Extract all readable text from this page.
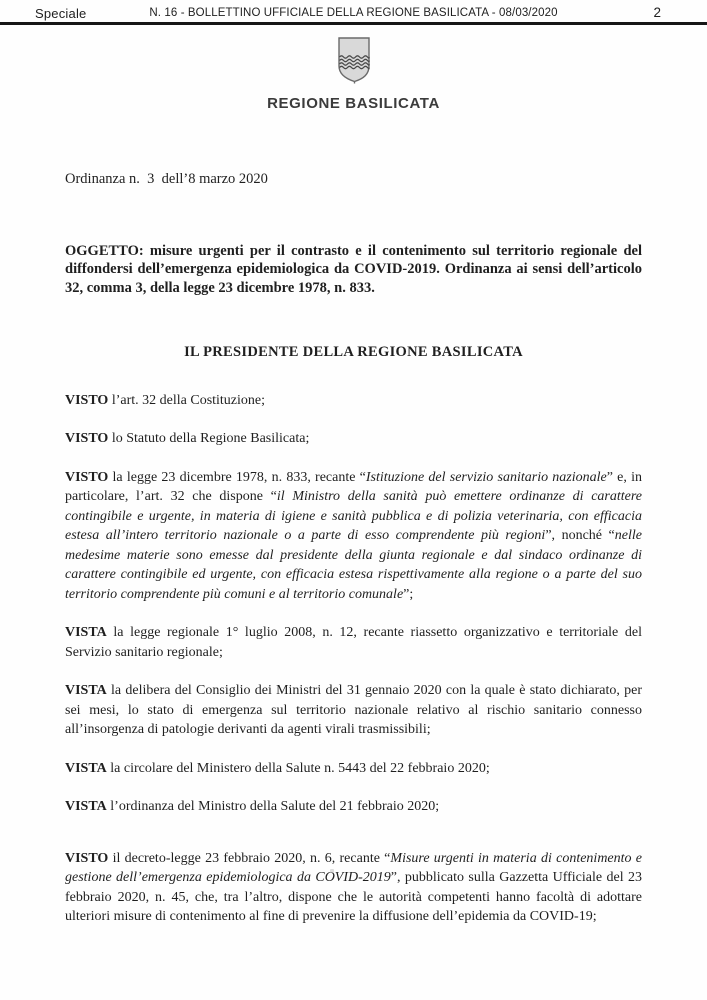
Speciale	N. 16 - BOLLETTINO UFFICIALE DELLA REGIONE BASILICATA - 08/03/2020	2
REGIONE BASILICATA
Ordinanza n.  3  dell’8 marzo 2020
OGGETTO: misure urgenti per il contrasto e il contenimento sul territorio regionale del diffondersi dell’emergenza epidemiologica da COVID-2019. Ordinanza ai sensi dell’articolo 32, comma 3, della legge 23 dicembre 1978, n. 833.
IL PRESIDENTE DELLA REGIONE BASILICATA

VISTO l’art. 32 della Costituzione;

VISTO lo Statuto della Regione Basilicata;

VISTO la legge 23 dicembre 1978, n. 833, recante “Istituzione del servizio sanitario nazionale” e, in particolare, l’art. 32 che dispone “il Ministro della sanità può emettere ordinanze di carattere contingibile e urgente, in materia di igiene e sanità pubblica e di polizia veterinaria, con efficacia estesa all’intero territorio nazionale o a parte di esso comprendente più regioni”, nonché “nelle medesime materie sono emesse dal presidente della giunta regionale e dal sindaco ordinanze di carattere contingibile ed urgente, con efficacia estesa rispettivamente alla regione o a parte del suo territorio comprendente più comuni e al territorio comunale”;

VISTA la legge regionale 1° luglio 2008, n. 12, recante riassetto organizzativo e territoriale del Servizio sanitario regionale;

VISTA la delibera del Consiglio dei Ministri del 31 gennaio 2020 con la quale è stato dichiarato, per sei mesi, lo stato di emergenza sul territorio nazionale relativo al rischio sanitario connesso all’insorgenza di patologie derivanti da agenti virali trasmissibili;

VISTA la circolare del Ministero della Salute n. 5443 del 22 febbraio 2020;

VISTA l’ordinanza del Ministro della Salute del 21 febbraio 2020;

VISTO il decreto-legge 23 febbraio 2020, n. 6, recante “Misure urgenti in materia di contenimento e gestione dell’emergenza epidemiologica da COVID-2019”, pubblicato sulla Gazzetta Ufficiale del 23 febbraio 2020, n. 45, che, tra l’altro, dispone che le autorità competenti hanno facoltà di adottare ulteriori misure di contenimento al fine di prevenire la diffusione dell’epidemia da COVID-19;
